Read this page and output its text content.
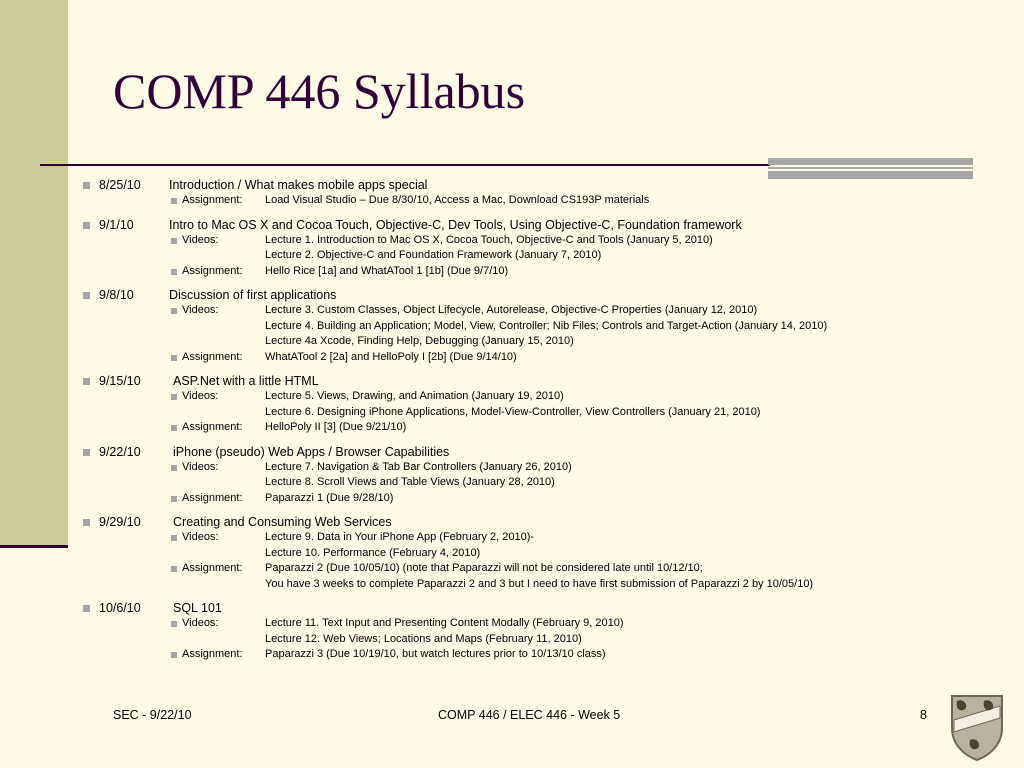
COMP 446 Syllabus
8/25/10 Introduction / What makes mobile apps special
Assignment: Load Visual Studio – Due 8/30/10, Access a Mac, Download CS193P materials
9/1/10	Intro to Mac OS X and Cocoa Touch, Objective-C, Dev Tools, Using Objective-C, Foundation framework
Videos:	Lecture 1. Introduction to Mac OS X, Cocoa Touch, Objective-C and Tools (January 5, 2010)
Lecture 2. Objective-C and Foundation Framework (January 7, 2010)
Assignment: Hello Rice [1a] and WhatATool 1 [1b] (Due 9/7/10)
9/8/10	Discussion of first applications
Videos:	Lecture 3. Custom Classes, Object Lifecycle, Autorelease, Objective-C Properties (January 12, 2010)
Lecture 4. Building an Application; Model, View, Controller; Nib Files; Controls and Target-Action (January 14, 2010)
Lecture 4a Xcode, Finding Help, Debugging (January 15, 2010)
Assignment: WhatATool 2 [2a] and HelloPoly I [2b] (Due 9/14/10)
9/15/10	ASP.Net with a little HTML
Videos:	Lecture 5. Views, Drawing, and Animation (January 19, 2010)
Lecture 6. Designing iPhone Applications, Model-View-Controller, View Controllers (January 21, 2010)
Assignment: HelloPoly II [3] (Due 9/21/10)
9/22/10	iPhone (pseudo) Web Apps / Browser Capabilities
Videos:	Lecture 7. Navigation & Tab Bar Controllers (January 26, 2010)
Lecture 8. Scroll Views and Table Views (January 28, 2010)
Assignment: Paparazzi 1 (Due 9/28/10)
9/29/10	Creating and Consuming Web Services
Videos:	Lecture 9. Data in Your iPhone App (February 2, 2010)-
Lecture 10. Performance (February 4, 2010)
Assignment: Paparazzi 2 (Due 10/05/10) (note that Paparazzi will not be considered late until 10/12/10;
You have 3 weeks to complete Paparazzi 2 and 3 but I need to have first submission of Paparazzi 2 by 10/05/10)
10/6/10	SQL 101
Videos:	Lecture 11. Text Input and Presenting Content Modally (February 9, 2010)
Lecture 12. Web Views; Locations and Maps (February 11, 2010)
Assignment: Paparazzi 3 (Due 10/19/10, but watch lectures prior to 10/13/10 class)
SEC - 9/22/10	COMP 446 / ELEC 446 - Week 5	8
